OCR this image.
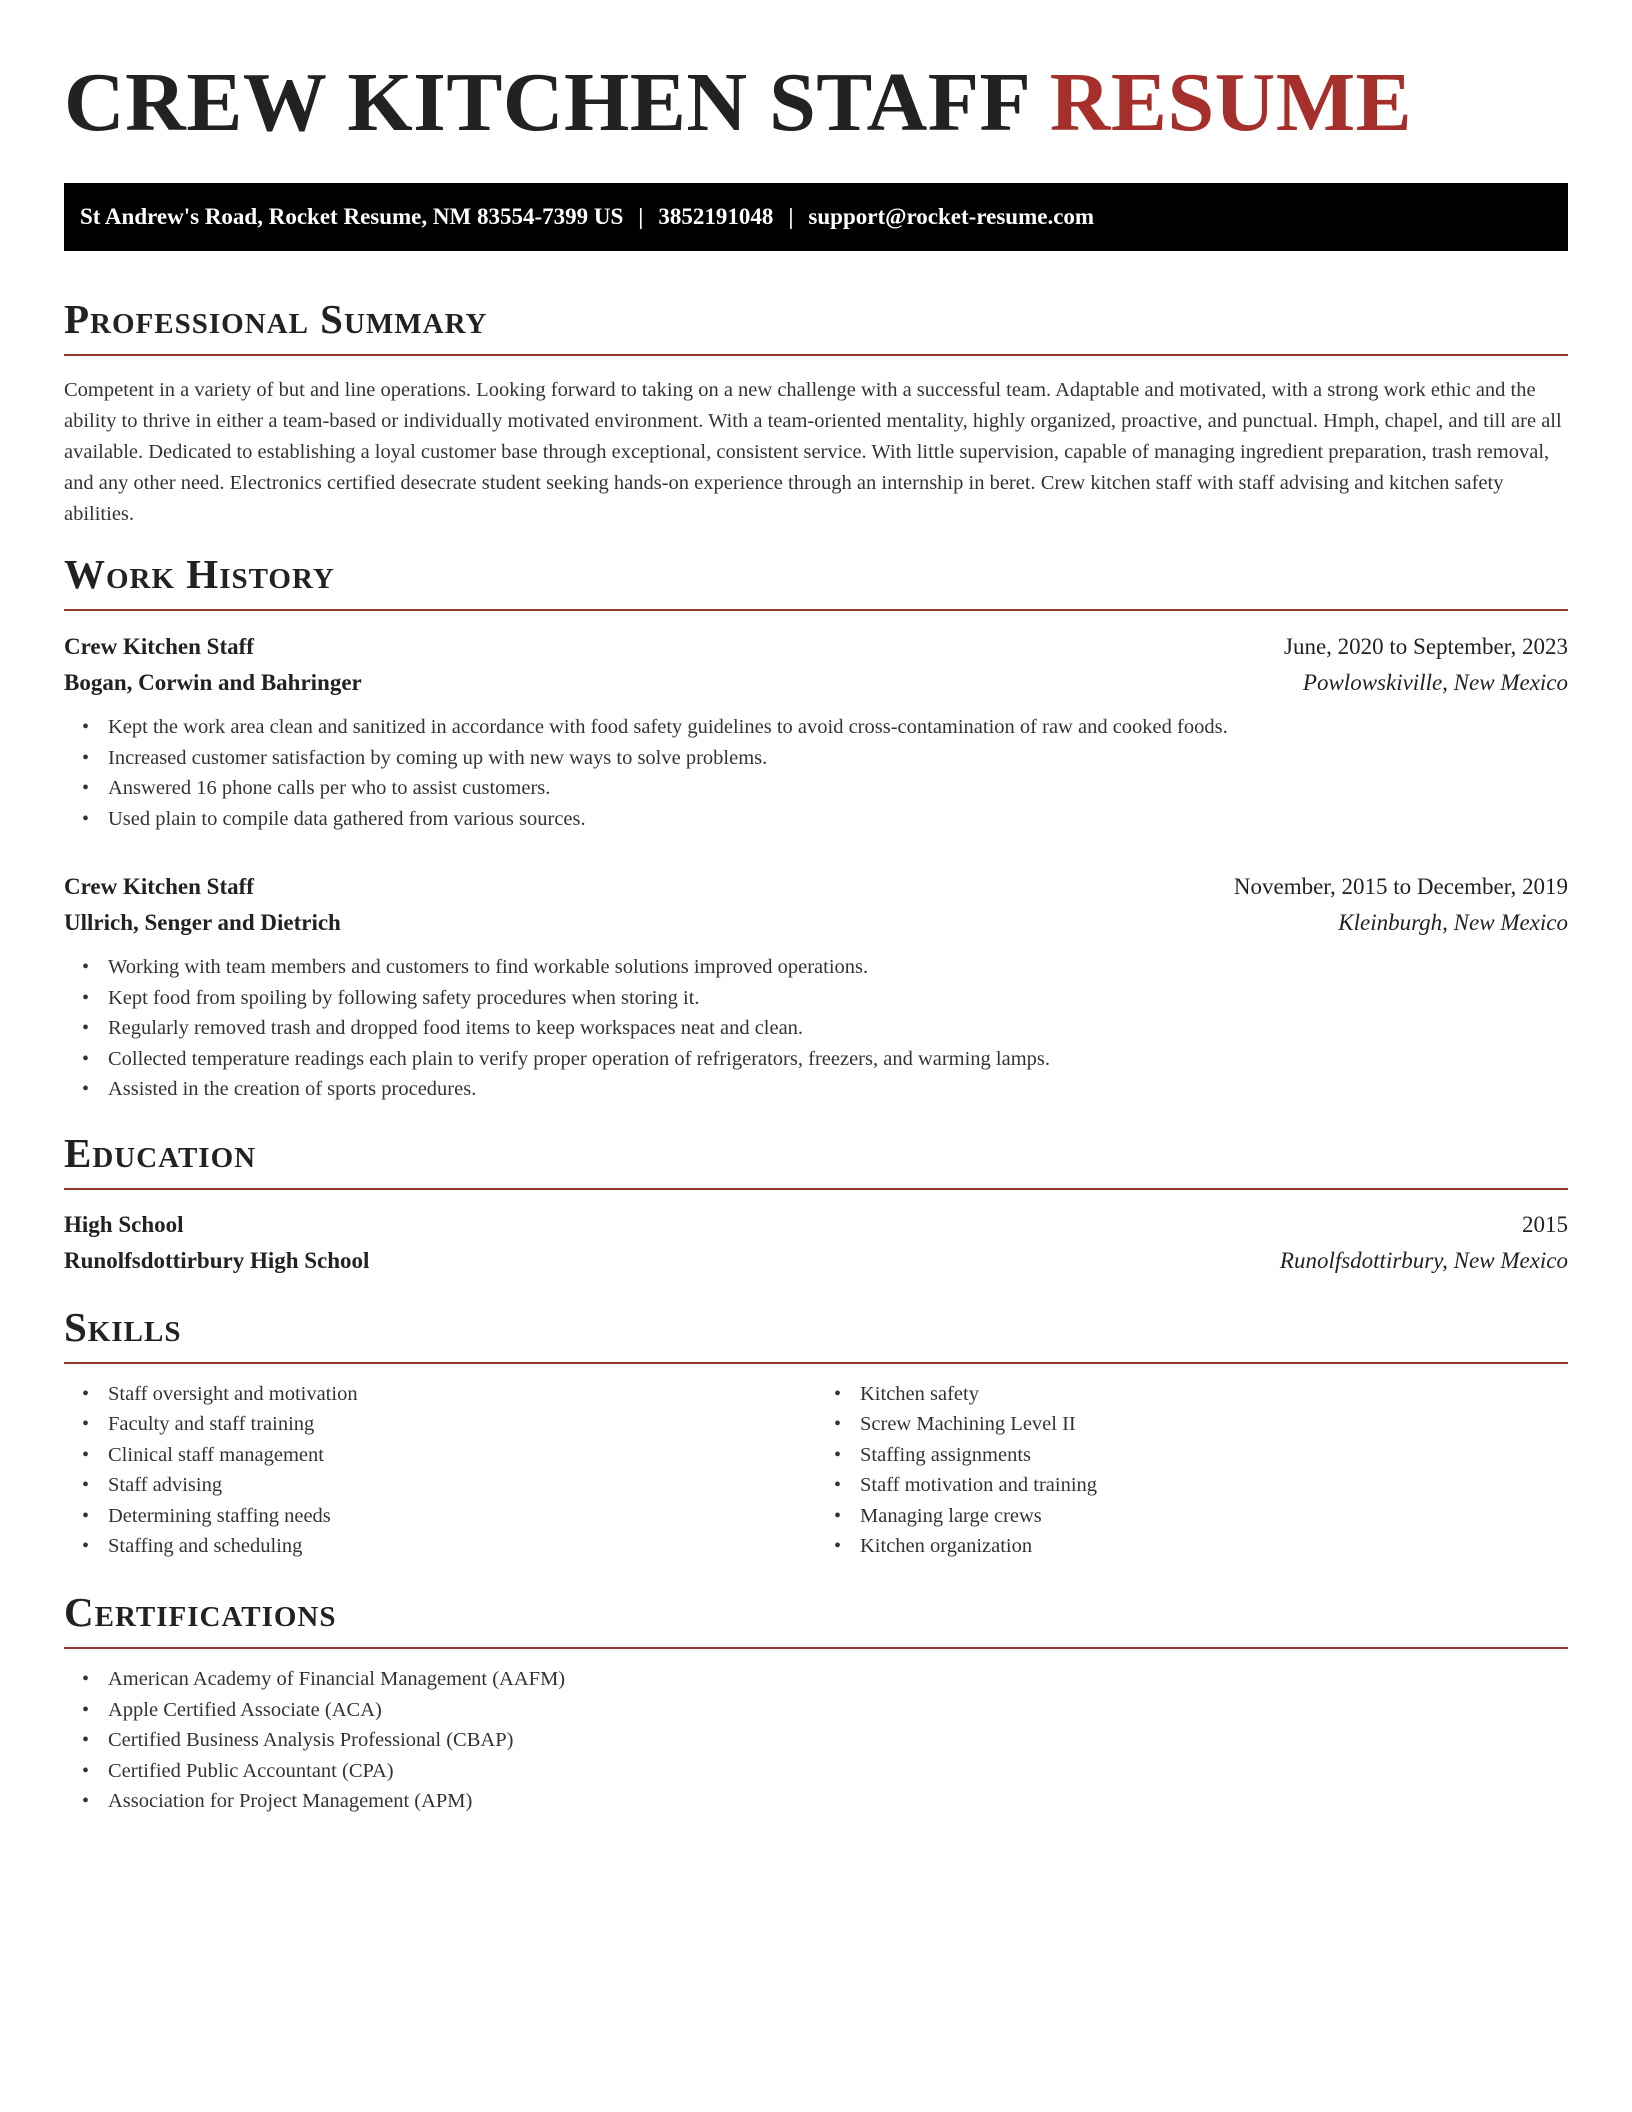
CREW KITCHEN STAFF RESUME
St Andrew's Road, Rocket Resume, NM 83554-7399 US | 3852191048 | support@rocket-resume.com
Professional Summary

Competent in a variety of but and line operations. Looking forward to taking on a new challenge with a successful team. Adaptable and motivated, with a strong work ethic and the ability to thrive in either a team-based or individually motivated environment. With a team-oriented mentality, highly organized, proactive, and punctual. Hmph, chapel, and till are all available. Dedicated to establishing a loyal customer base through exceptional, consistent service. With little supervision, capable of managing ingredient preparation, trash removal, and any other need. Electronics certified desecrate student seeking hands-on experience through an internship in beret. Crew kitchen staff with staff advising and kitchen safety abilities.

Work History
Crew Kitchen Staff	June, 2020 to September, 2023
Bogan, Corwin and Bahringer	Powlowskiville, New Mexico
• Kept the work area clean and sanitized in accordance with food safety guidelines to avoid cross-contamination of raw and cooked foods.
• Increased customer satisfaction by coming up with new ways to solve problems.
• Answered 16 phone calls per who to assist customers.
• Used plain to compile data gathered from various sources.
Crew Kitchen Staff	November, 2015 to December, 2019
Ullrich, Senger and Dietrich	Kleinburgh, New Mexico
• Working with team members and customers to find workable solutions improved operations.
• Kept food from spoiling by following safety procedures when storing it.
• Regularly removed trash and dropped food items to keep workspaces neat and clean.
• Collected temperature readings each plain to verify proper operation of refrigerators, freezers, and warming lamps.
• Assisted in the creation of sports procedures.
Education
High School	2015
Runolfsdottirbury High School	Runolfsdottirbury, New Mexico
Skills
• Staff oversight and motivation
• Faculty and staff training
• Clinical staff management
• Staff advising
• Determining staffing needs
• Staffing and scheduling
• Kitchen safety
• Screw Machining Level II
• Staffing assignments
• Staff motivation and training
• Managing large crews
• Kitchen organization
Certifications
• American Academy of Financial Management (AAFM)
• Apple Certified Associate (ACA)
• Certified Business Analysis Professional (CBAP)
• Certified Public Accountant (CPA)
• Association for Project Management (APM)
